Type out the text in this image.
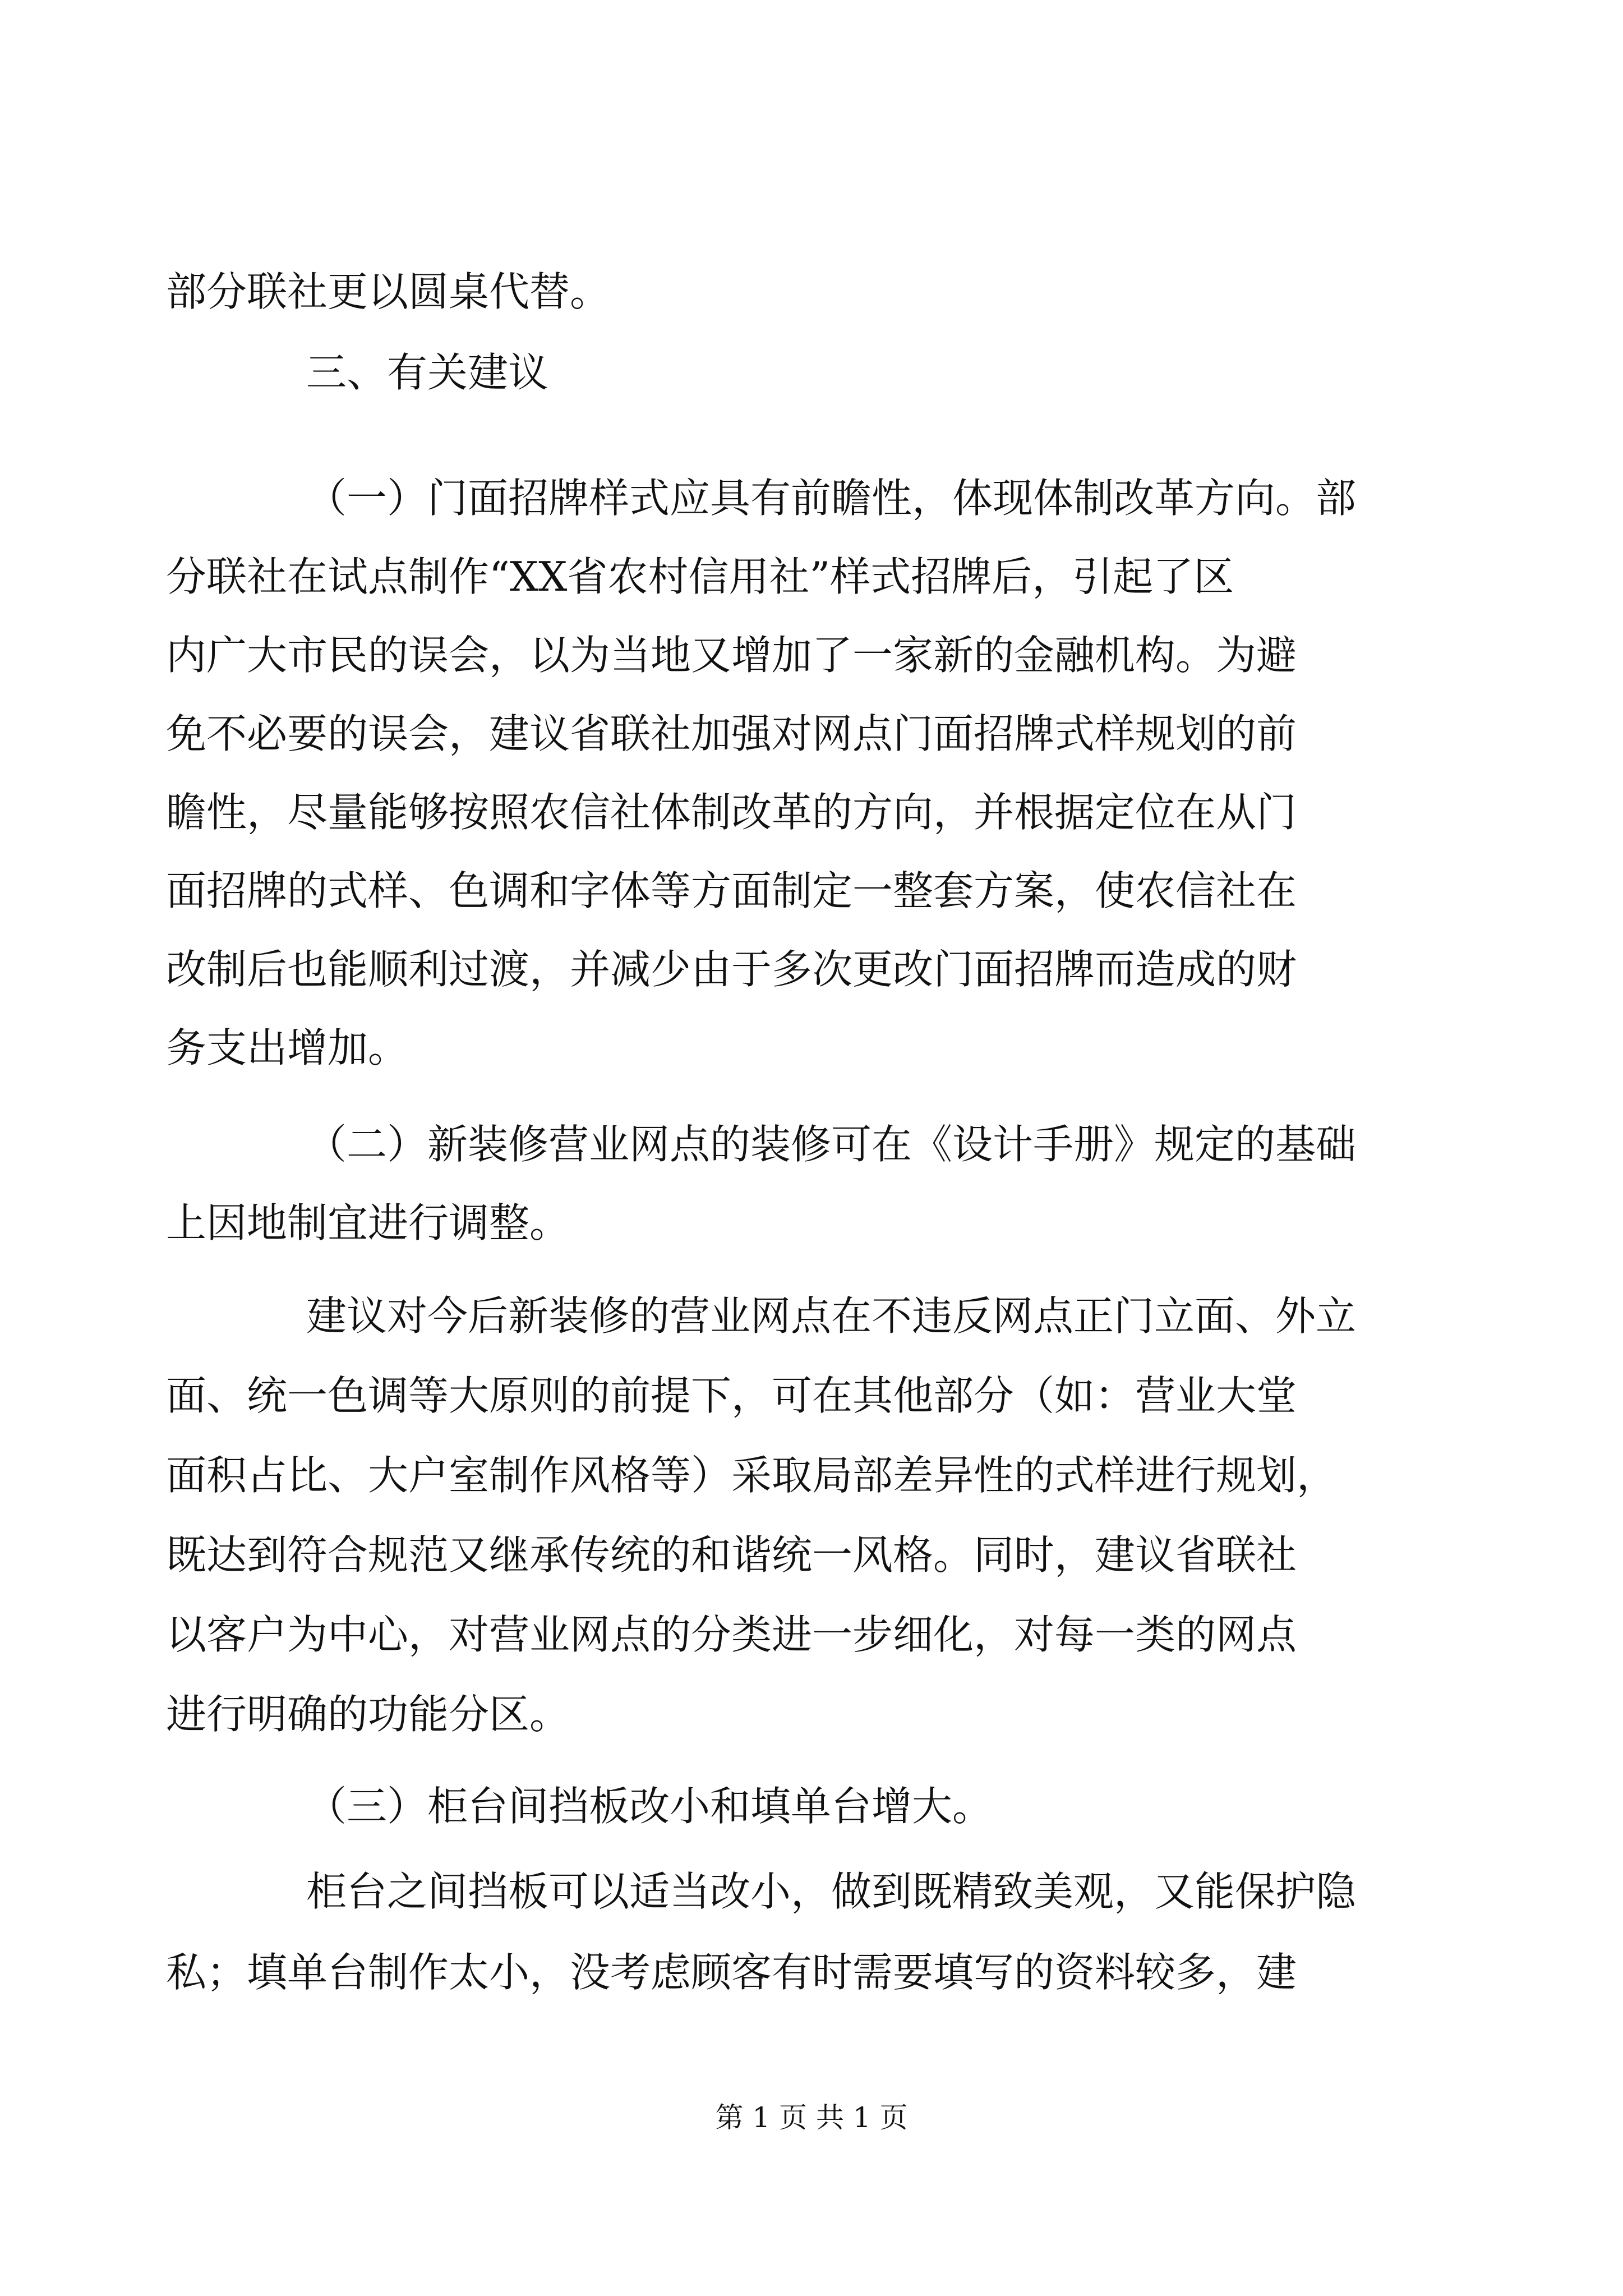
部分联社更以圆桌代替。
三、有关建议
（一）门面招牌样式应具有前瞻性，体现体制改革方向。部
分联社在试点制作“XX省农村信用社”样式招牌后，引起了区
内广大市民的误会，以为当地又增加了一家新的金融机构。为避
免不必要的误会，建议省联社加强对网点门面招牌式样规划的前
瞻性，尽量能够按照农信社体制改革的方向，并根据定位在从门
面招牌的式样、色调和字体等方面制定一整套方案，使农信社在
改制后也能顺利过渡，并减少由于多次更改门面招牌而造成的财
务支出增加。
（二）新装修营业网点的装修可在《设计手册》规定的基础
上因地制宜进行调整。
建议对今后新装修的营业网点在不违反网点正门立面、外立
面、统一色调等大原则的前提下，可在其他部分（如：营业大堂
面积占比、大户室制作风格等）采取局部差异性的式样进行规划，
既达到符合规范又继承传统的和谐统一风格。同时，建议省联社
以客户为中心，对营业网点的分类进一步细化，对每一类的网点
进行明确的功能分区。
（三）柜台间挡板改小和填单台增大。
柜台之间挡板可以适当改小，做到既精致美观，又能保护隐
私；填单台制作太小，没考虑顾客有时需要填写的资料较多，建
第 1 页 共 1 页
